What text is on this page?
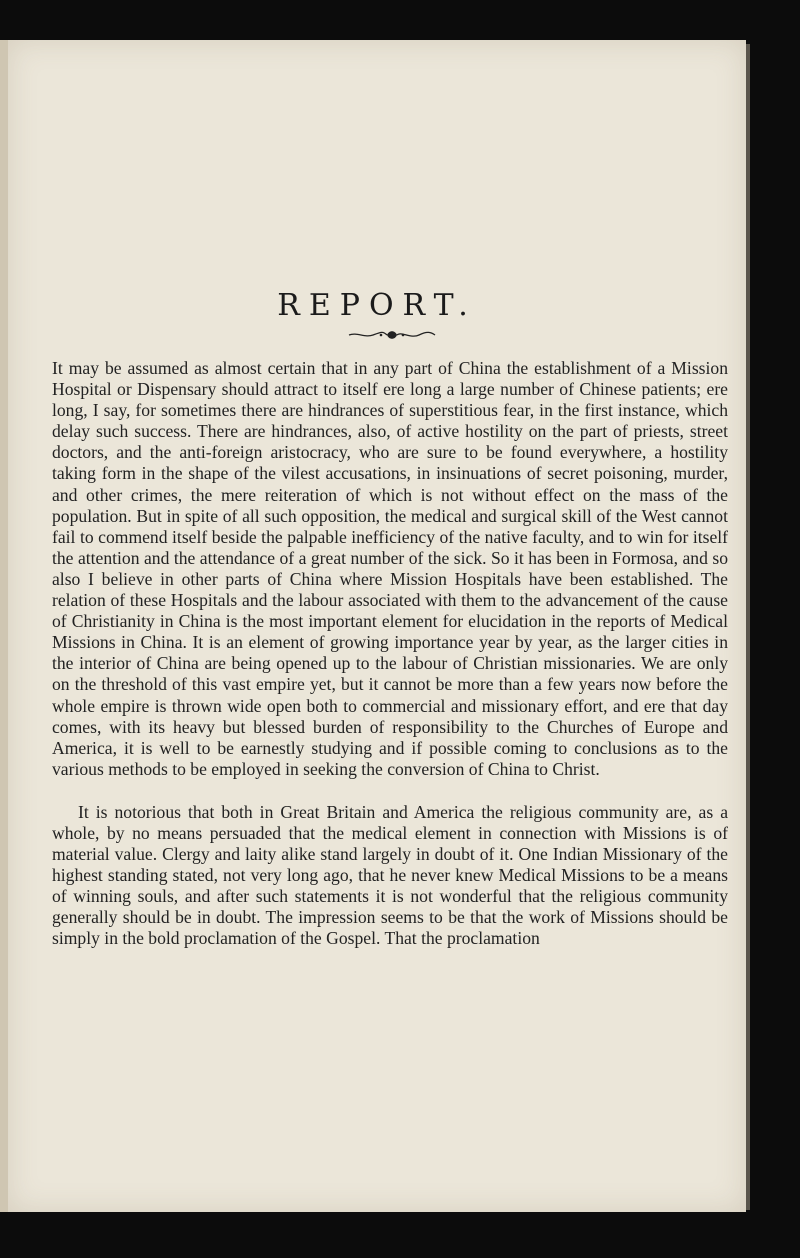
REPORT.

It may be assumed as almost certain that in any part of China the establishment of a Mission Hospital or Dispensary should attract to itself ere long a large number of Chinese patients; ere long, I say, for sometimes there are hindrances of superstitious fear, in the first instance, which delay such success. There are hindrances, also, of active hostility on the part of priests, street doctors, and the anti-foreign aristocracy, who are sure to be found everywhere, a hostility taking form in the shape of the vilest accusations, in insinuations of secret poisoning, murder, and other crimes, the mere reiteration of which is not without effect on the mass of the population. But in spite of all such opposition, the medical and surgical skill of the West cannot fail to commend itself beside the palpable inefficiency of the native faculty, and to win for itself the attention and the attendance of a great number of the sick. So it has been in Formosa, and so also I believe in other parts of China where Mission Hospitals have been established. The relation of these Hospitals and the labour associated with them to the advancement of the cause of Christianity in China is the most important element for elucidation in the reports of Medical Missions in China. It is an element of growing importance year by year, as the larger cities in the interior of China are being opened up to the labour of Christian missionaries. We are only on the threshold of this vast empire yet, but it cannot be more than a few years now before the whole empire is thrown wide open both to commercial and missionary effort, and ere that day comes, with its heavy but blessed burden of responsibility to the Churches of Europe and America, it is well to be earnestly studying and if possible coming to conclusions as to the various methods to be employed in seeking the conversion of China to Christ.

It is notorious that both in Great Britain and America the religious community are, as a whole, by no means persuaded that the medical element in connection with Missions is of material value. Clergy and laity alike stand largely in doubt of it. One Indian Missionary of the highest standing stated, not very long ago, that he never knew Medical Missions to be a means of winning souls, and after such statements it is not wonderful that the religious community generally should be in doubt. The impression seems to be that the work of Missions should be simply in the bold proclamation of the Gospel. That the proclamation
